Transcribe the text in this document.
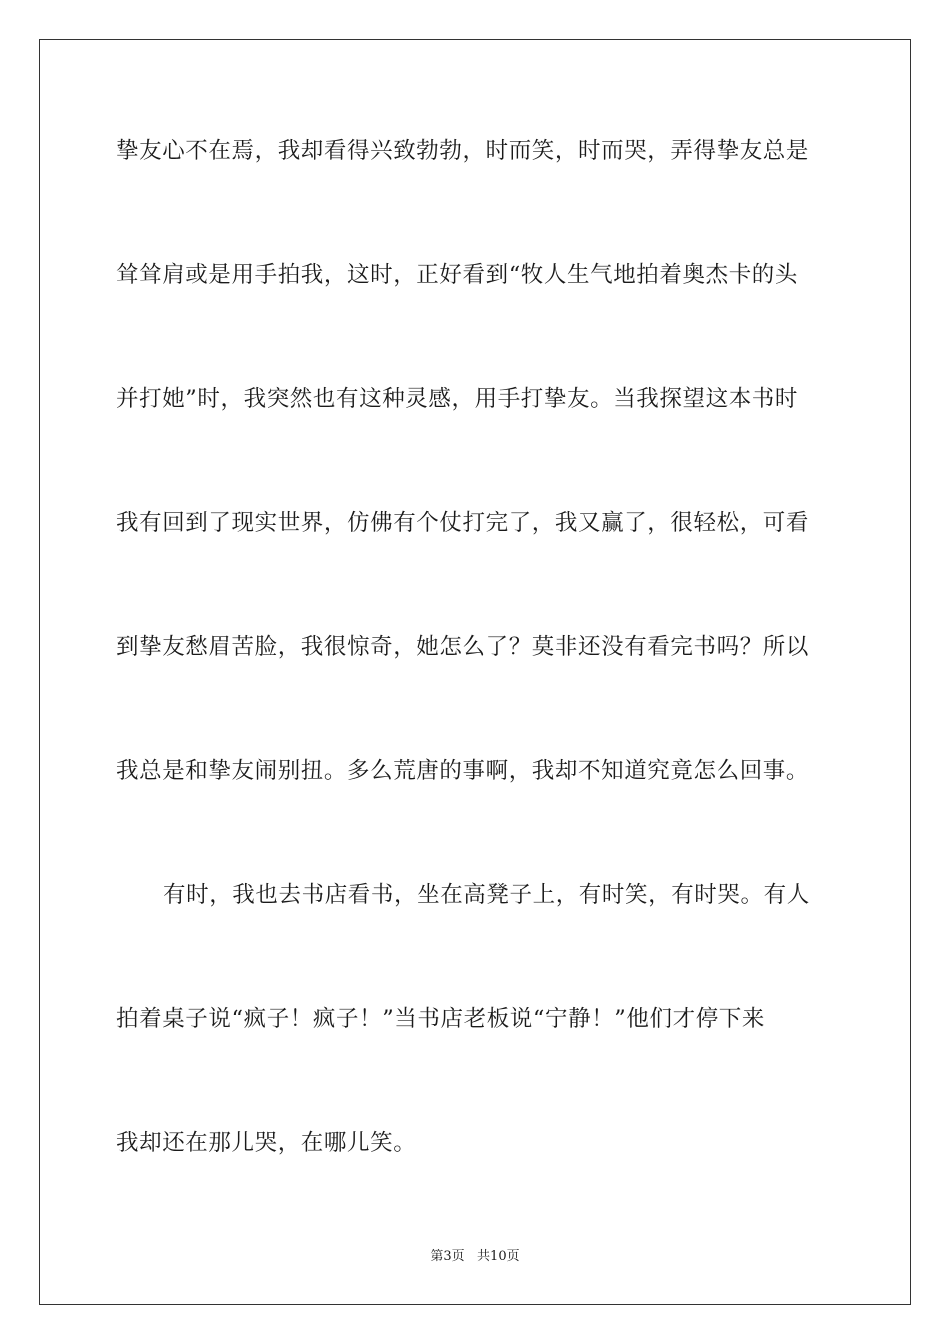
挚友心不在焉，我却看得兴致勃勃，时而笑，时而哭，弄得挚友总是
耸耸肩或是用手拍我，这时，正好看到“牧人生气地拍着奥杰卡的头
并打她”时，我突然也有这种灵感，用手打挚友。当我探望这本书时
我有回到了现实世界，仿佛有个仗打完了，我又赢了，很轻松，可看
到挚友愁眉苦脸，我很惊奇，她怎么了？莫非还没有看完书吗？所以
我总是和挚友闹别扭。多么荒唐的事啊，我却不知道究竟怎么回事。
有时，我也去书店看书，坐在高凳子上，有时笑，有时哭。有人
拍着桌子说“疯子！疯子！”当书店老板说“宁静！”他们才停下来
我却还在那儿哭，在哪儿笑。
第3页   共10页
